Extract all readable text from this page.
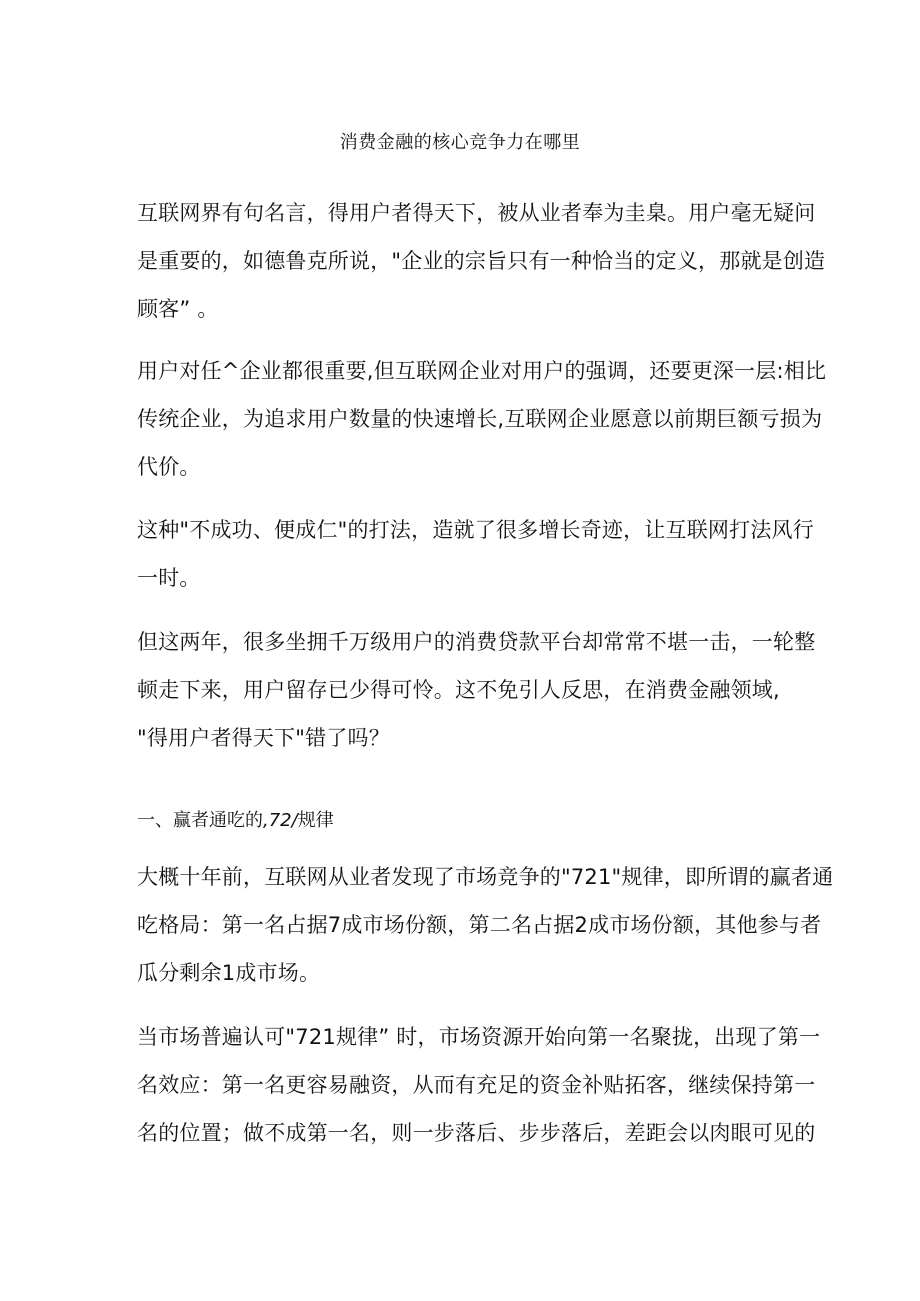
消费金融的核心竞争力在哪里

互联网界有句名言，得用户者得天下，被从业者奉为圭臬。用户毫无疑问
是重要的，如德鲁克所说，"企业的宗旨只有一种恰当的定义，那就是创造
顾客” 。

用户对任^企业都很重要,但互联网企业对用户的强调，还要更深一层:相比
传统企业，为追求用户数量的快速增长,互联网企业愿意以前期巨额亏损为
代价。

这种"不成功、便成仁"的打法，造就了很多增长奇迹，让互联网打法风行
一时。

但这两年，很多坐拥千万级用户的消费贷款平台却常常不堪一击，一轮整
顿走下来，用户留存已少得可怜。这不免引人反思，在消费金融领域,
"得用户者得天下"错了吗？

一、赢者通吃的,72/规律

大概十年前，互联网从业者发现了市场竞争的"721"规律，即所谓的赢者通
吃格局：第一名占据7成市场份额，第二名占据2成市场份额，其他参与者
瓜分剩余1成市场。

当市场普遍认可"721规律” 时，市场资源开始向第一名聚拢，出现了第一
名效应：第一名更容易融资，从而有充足的资金补贴拓客，继续保持第一
名的位置；做不成第一名，则一步落后、步步落后，差距会以肉眼可见的
